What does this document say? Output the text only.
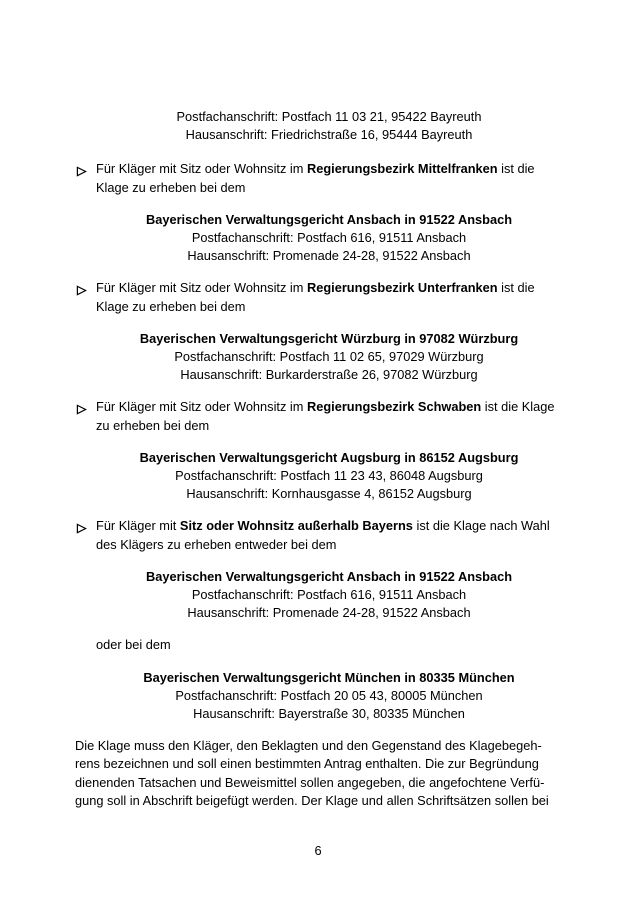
Postfachanschrift: Postfach 11 03 21, 95422 Bayreuth
Hausanschrift: Friedrichstraße 16, 95444 Bayreuth
Für Kläger mit Sitz oder Wohnsitz im Regierungsbezirk Mittelfranken ist die
Klage zu erheben bei dem
Bayerischen Verwaltungsgericht Ansbach in 91522 Ansbach
Postfachanschrift: Postfach 616, 91511 Ansbach
Hausanschrift: Promenade 24-28, 91522 Ansbach
Für Kläger mit Sitz oder Wohnsitz im Regierungsbezirk Unterfranken ist die
Klage zu erheben bei dem
Bayerischen Verwaltungsgericht Würzburg in 97082 Würzburg
Postfachanschrift: Postfach 11 02 65, 97029 Würzburg
Hausanschrift: Burkarderstraße 26, 97082 Würzburg
Für Kläger mit Sitz oder Wohnsitz im Regierungsbezirk Schwaben ist die Klage
zu erheben bei dem
Bayerischen Verwaltungsgericht Augsburg in 86152 Augsburg
Postfachanschrift: Postfach 11 23 43, 86048 Augsburg
Hausanschrift: Kornhausgasse 4, 86152 Augsburg
Für Kläger mit Sitz oder Wohnsitz außerhalb Bayerns ist die Klage nach Wahl
des Klägers zu erheben entweder bei dem
Bayerischen Verwaltungsgericht Ansbach in 91522 Ansbach
Postfachanschrift: Postfach 616, 91511 Ansbach
Hausanschrift: Promenade 24-28, 91522 Ansbach
oder bei dem
Bayerischen Verwaltungsgericht München in 80335 München
Postfachanschrift: Postfach 20 05 43, 80005 München
Hausanschrift: Bayerstraße 30, 80335 München
Die Klage muss den Kläger, den Beklagten und den Gegenstand des Klagebegeh-
rens bezeichnen und soll einen bestimmten Antrag enthalten. Die zur Begründung
dienenden Tatsachen und Beweismittel sollen angegeben, die angefochtene Verfü-
gung soll in Abschrift beigefügt werden. Der Klage und allen Schriftsätzen sollen bei
6
